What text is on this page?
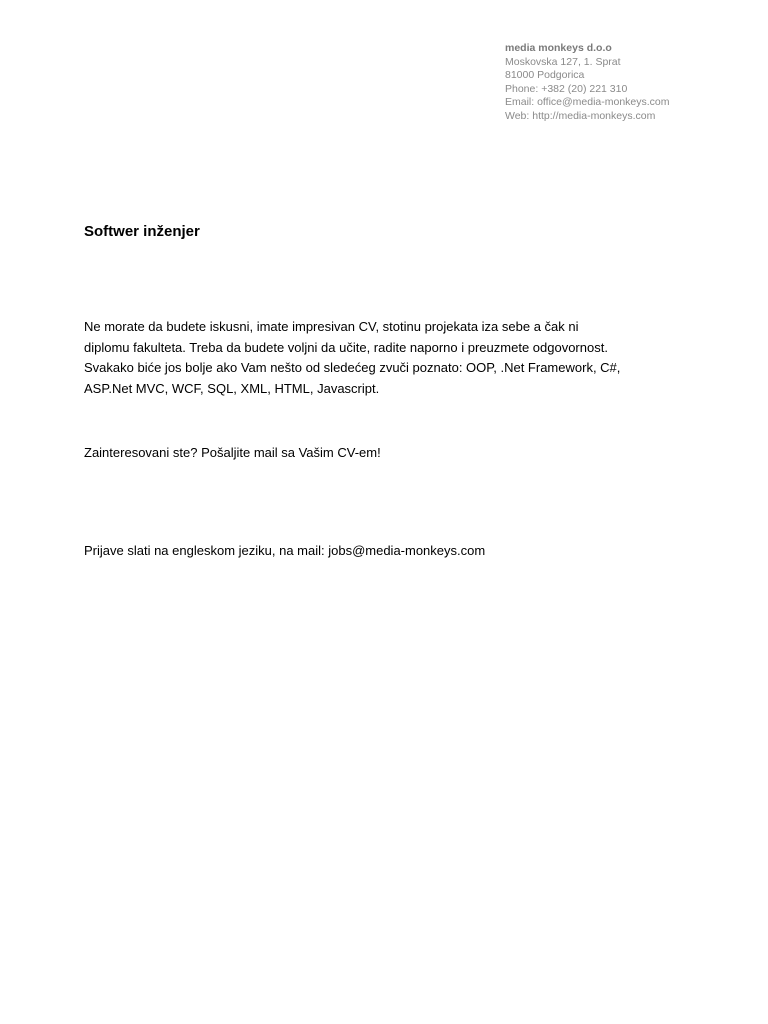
media monkeys d.o.o
Moskovska 127, 1. Sprat
81000 Podgorica
Phone: +382 (20) 221 310
Email: office@media-monkeys.com
Web: http://media-monkeys.com
Softwer inženjer
Ne morate da budete iskusni, imate impresivan CV, stotinu projekata iza sebe a čak ni
diplomu fakulteta. Treba da budete voljni da učite, radite naporno i preuzmete odgovornost.
Svakako biće jos bolje ako Vam nešto od sledećeg zvuči poznato: OOP, .Net Framework, C#,
ASP.Net MVC, WCF, SQL, XML, HTML, Javascript.
Zainteresovani ste? Pošaljite mail sa Vašim CV-em!
Prijave slati na engleskom jeziku, na mail: jobs@media-monkeys.com
